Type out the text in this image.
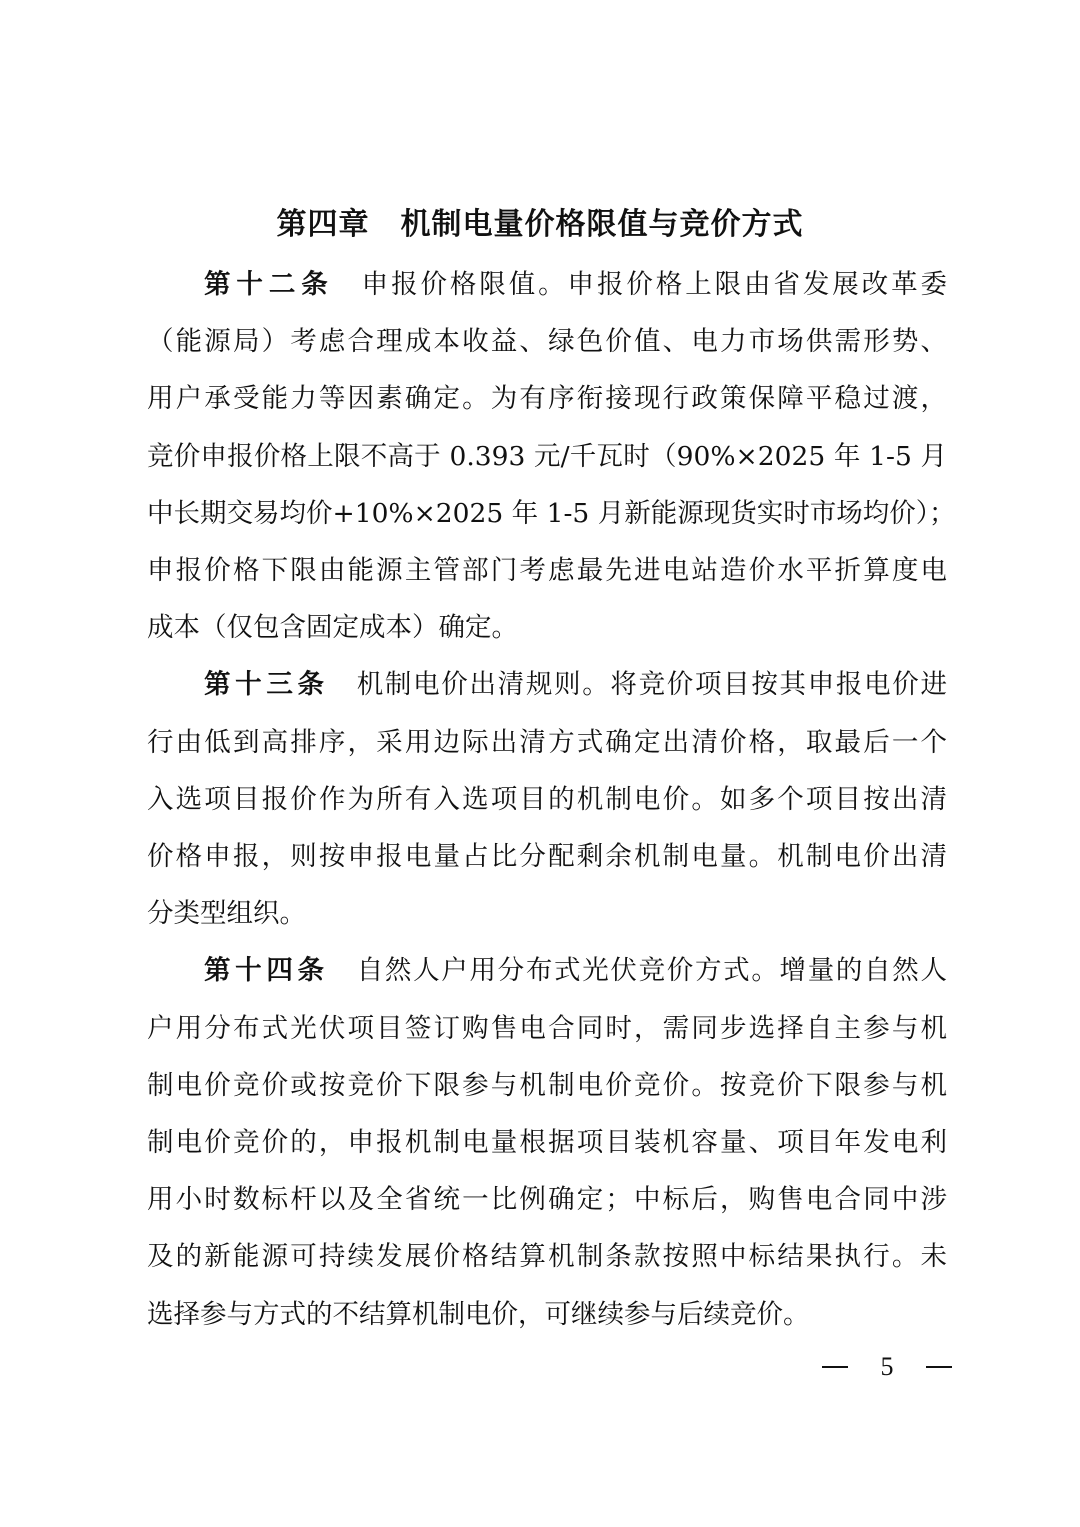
第四章　机制电量价格限值与竞价方式
第十二条 申报价格限值。申报价格上限由省发展改革委
（能源局）考虑合理成本收益、绿色价值、电力市场供需形势、
用户承受能力等因素确定。为有序衔接现行政策保障平稳过渡，
竞价申报价格上限不高于 0.393 元/千瓦时（90%×2025 年 1-5 月
中长期交易均价+10%×2025 年 1-5 月新能源现货实时市场均价）；
申报价格下限由能源主管部门考虑最先进电站造价水平折算度电
成本（仅包含固定成本）确定。
第十三条 机制电价出清规则。将竞价项目按其申报电价进
行由低到高排序，采用边际出清方式确定出清价格，取最后一个
入选项目报价作为所有入选项目的机制电价。如多个项目按出清
价格申报，则按申报电量占比分配剩余机制电量。机制电价出清
分类型组织。
第十四条 自然人户用分布式光伏竞价方式。增量的自然人
户用分布式光伏项目签订购售电合同时，需同步选择自主参与机
制电价竞价或按竞价下限参与机制电价竞价。按竞价下限参与机
制电价竞价的，申报机制电量根据项目装机容量、项目年发电利
用小时数标杆以及全省统一比例确定；中标后，购售电合同中涉
及的新能源可持续发展价格结算机制条款按照中标结果执行。未
选择参与方式的不结算机制电价，可继续参与后续竞价。
5
